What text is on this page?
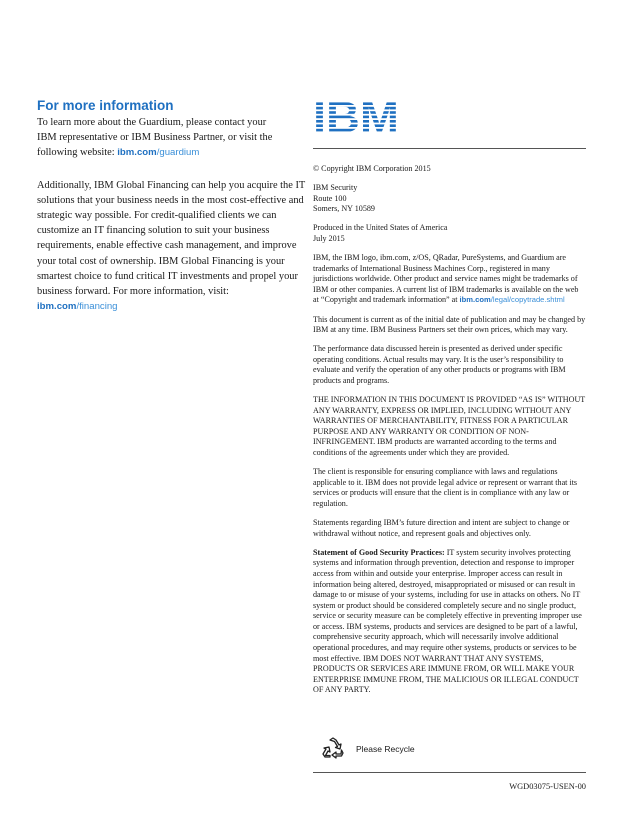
For more information

To learn more about the Guardium, please contact your
IBM representative or IBM Business Partner, or visit the
following website: ibm.com/guardium

Additionally, IBM Global Financing can help you acquire the IT solutions that your business needs in the most cost-effective and strategic way possible. For credit-qualified clients we can customize an IT financing solution to suit your business requirements, enable effective cash management, and improve your total cost of ownership. IBM Global Financing is your smartest choice to fund critical IT investments and propel your business forward. For more information, visit: ibm.com/financing

© Copyright IBM Corporation 2015

IBM Security
Route 100
Somers, NY 10589

Produced in the United States of America
July 2015

IBM, the IBM logo, ibm.com, z/OS, QRadar, PureSystems, and Guardium are trademarks of International Business Machines Corp., registered in many jurisdictions worldwide. Other product and service names might be trademarks of IBM or other companies. A current list of IBM trademarks is available on the web at “Copyright and trademark information” at ibm.com/legal/copytrade.shtml

This document is current as of the initial date of publication and may be changed by IBM at any time. IBM Business Partners set their own prices, which may vary.

The performance data discussed herein is presented as derived under specific operating conditions. Actual results may vary. It is the user’s responsibility to evaluate and verify the operation of any other products or programs with IBM products and programs.

THE INFORMATION IN THIS DOCUMENT IS PROVIDED “AS IS” WITHOUT ANY WARRANTY, EXPRESS OR IMPLIED, INCLUDING WITHOUT ANY WARRANTIES OF MERCHANTABILITY, FITNESS FOR A PARTICULAR PURPOSE AND ANY WARRANTY OR CONDITION OF NON-INFRINGEMENT. IBM products are warranted according to the terms and conditions of the agreements under which they are provided.

The client is responsible for ensuring compliance with laws and regulations applicable to it. IBM does not provide legal advice or represent or warrant that its services or products will ensure that the client is in compliance with any law or regulation.

Statements regarding IBM’s future direction and intent are subject to change or withdrawal without notice, and represent goals and objectives only.

Statement of Good Security Practices: IT system security involves protecting systems and information through prevention, detection and response to improper access from within and outside your enterprise. Improper access can result in information being altered, destroyed, misappropriated or misused or can result in damage to or misuse of your systems, including for use in attacks on others. No IT system or product should be considered completely secure and no single product, service or security measure can be completely effective in preventing improper use or access. IBM systems, products and services are designed to be part of a lawful, comprehensive security approach, which will necessarily involve additional operational procedures, and may require other systems, products or services to be most effective. IBM DOES NOT WARRANT THAT ANY SYSTEMS, PRODUCTS OR SERVICES ARE IMMUNE FROM, OR WILL MAKE YOUR ENTERPRISE IMMUNE FROM, THE MALICIOUS OR ILLEGAL CONDUCT OF ANY PARTY.

Please Recycle
WGD03075-USEN-00
